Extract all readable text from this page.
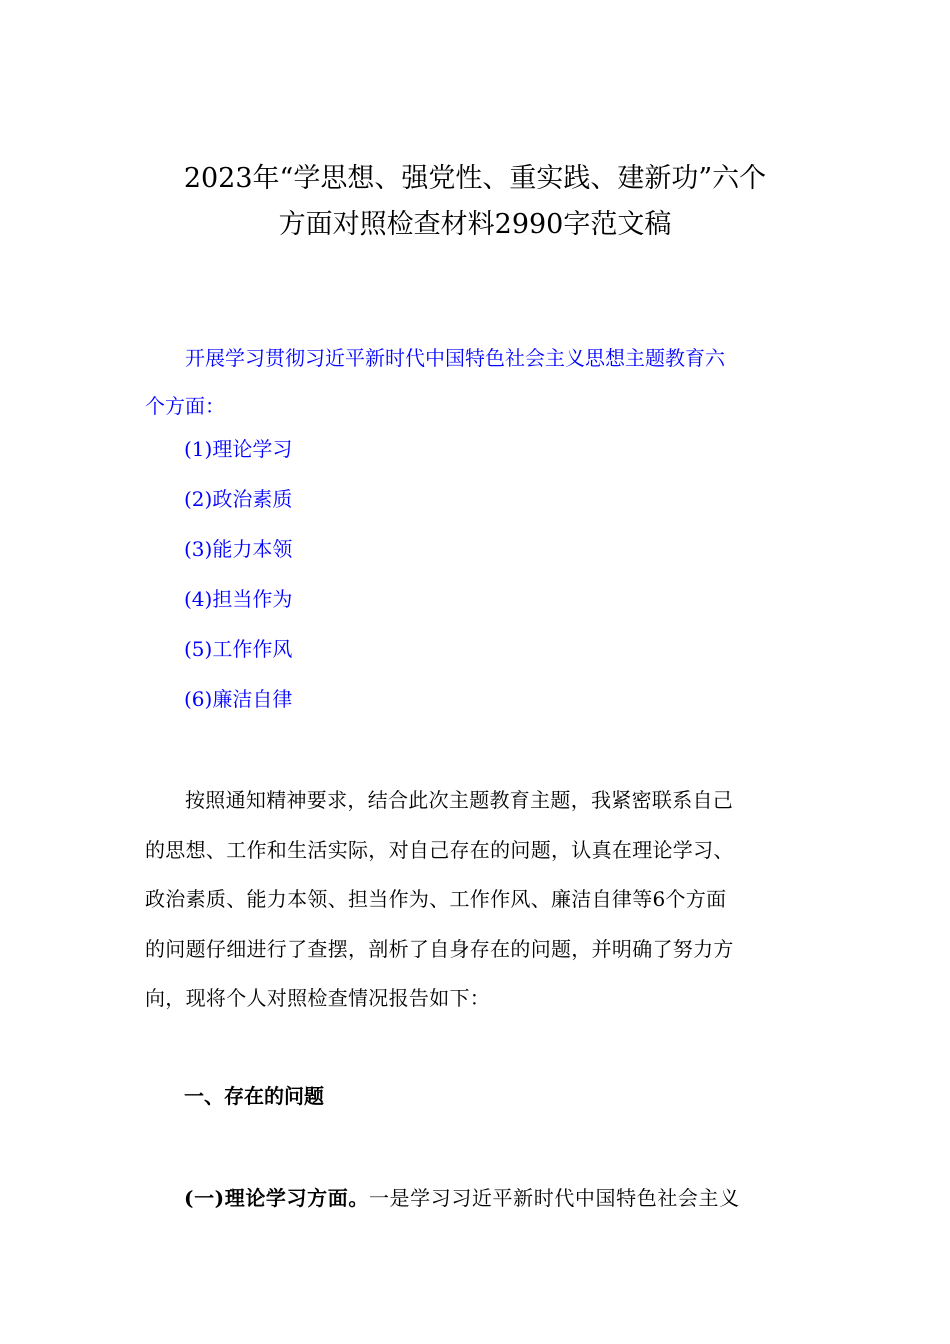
2023年“学思想、强党性、重实践、建新功”六个
方面对照检查材料2990字范文稿

开展学习贯彻习近平新时代中国特色社会主义思想主题教育六
个方面：

(1)理论学习
(2)政治素质
(3)能力本领
(4)担当作为
(5)工作作风
(6)廉洁自律

按照通知精神要求，结合此次主题教育主题，我紧密联系自己
的思想、工作和生活实际，对自己存在的问题，认真在理论学习、
政治素质、能力本领、担当作为、工作作风、廉洁自律等6个方面
的问题仔细进行了查摆，剖析了自身存在的问题，并明确了努力方
向，现将个人对照检查情况报告如下：

一、存在的问题

(一)理论学习方面。一是学习习近平新时代中国特色社会主义
